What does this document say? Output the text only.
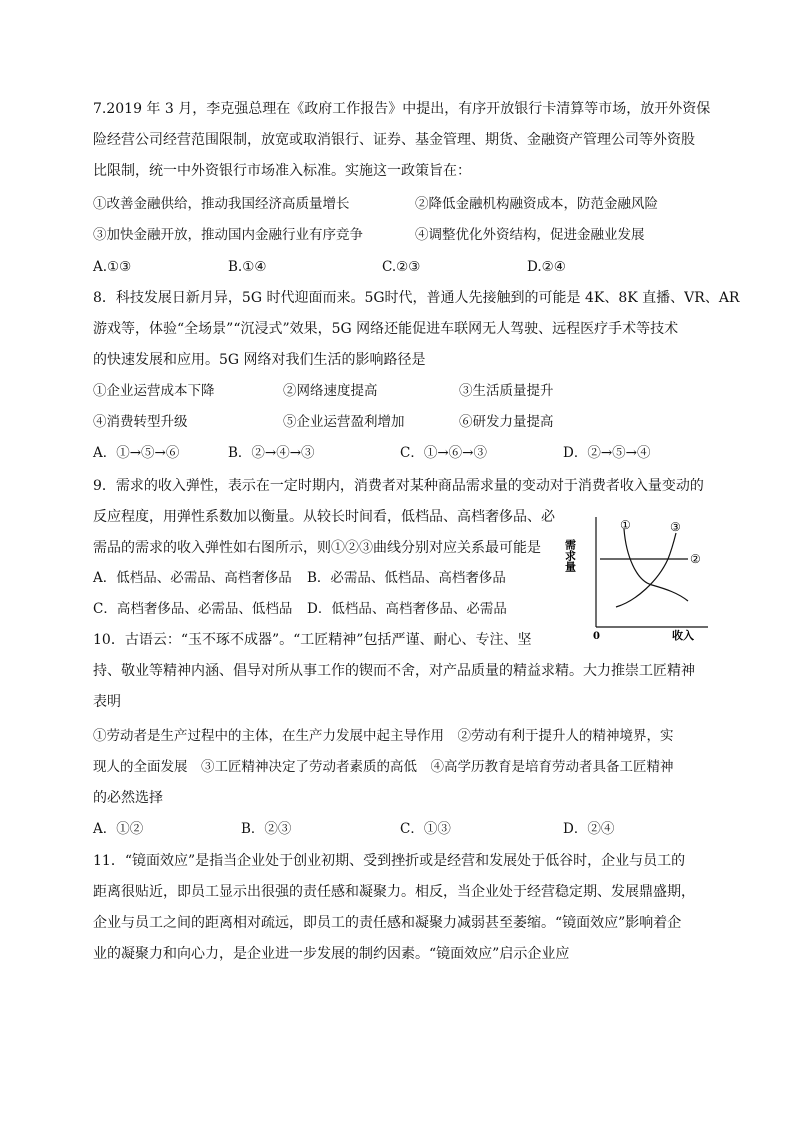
7.2019 年 3 月，李克强总理在《政府工作报告》中提出，有序开放银行卡清算等市场，放开外资保
险经营公司经营范围限制，放宽或取消银行、证券、基金管理、期货、金融资产管理公司等外资股
比限制，统一中外资银行市场准入标准。实施这一政策旨在：
①改善金融供给，推动我国经济高质量增长	②降低金融机构融资成本，防范金融风险
③加快金融开放，推动国内金融行业有序竞争	④调整优化外资结构，促进金融业发展
A.①③	B.①④	C.②③	D.②④
8．科技发展日新月异，5G 时代迎面而来。5G时代，普通人先接触到的可能是 4K、8K 直播、VR、AR
游戏等，体验“全场景”“沉浸式”效果，5G 网络还能促进车联网无人驾驶、远程医疗手术等技术
的快速发展和应用。5G 网络对我们生活的影响路径是
①企业运营成本下降	②网络速度提高	③生活质量提升
④消费转型升级	⑤企业运营盈利增加	⑥研发力量提高
A．①→⑤→⑥	B．②→④→③	C．①→⑥→③	D．②→⑤→④
9．需求的收入弹性，表示在一定时期内，消费者对某种商品需求量的变动对于消费者收入量变动的
反应程度，用弹性系数加以衡量。从较长时间看，低档品、高档奢侈品、必
需品的需求的收入弹性如右图所示，则①②③曲线分别对应关系最可能是
A．低档品、必需品、高档奢侈品 B．必需品、低档品、高档奢侈品
C．高档奢侈品、必需品、低档品 D．低档品、高档奢侈品、必需品
需求量
收入
0
①
②
③
10．古语云：“玉不琢不成器”。“工匠精神”包括严谨、耐心、专注、坚
持、敬业等精神内涵、倡导对所从事工作的锲而不舍，对产品质量的精益求精。大力推崇工匠精神
表明
①劳动者是生产过程中的主体，在生产力发展中起主导作用　②劳动有利于提升人的精神境界，实
现人的全面发展　③工匠精神决定了劳动者素质的高低　④高学历教育是培育劳动者具备工匠精神
的必然选择
A．①②	B．②③	C．①③	D．②④
11．“镜面效应”是指当企业处于创业初期、受到挫折或是经营和发展处于低谷时，企业与员工的
距离很贴近，即员工显示出很强的责任感和凝聚力。相反，当企业处于经营稳定期、发展鼎盛期，
企业与员工之间的距离相对疏远，即员工的责任感和凝聚力减弱甚至萎缩。“镜面效应”影响着企
业的凝聚力和向心力，是企业进一步发展的制约因素。“镜面效应”启示企业应
